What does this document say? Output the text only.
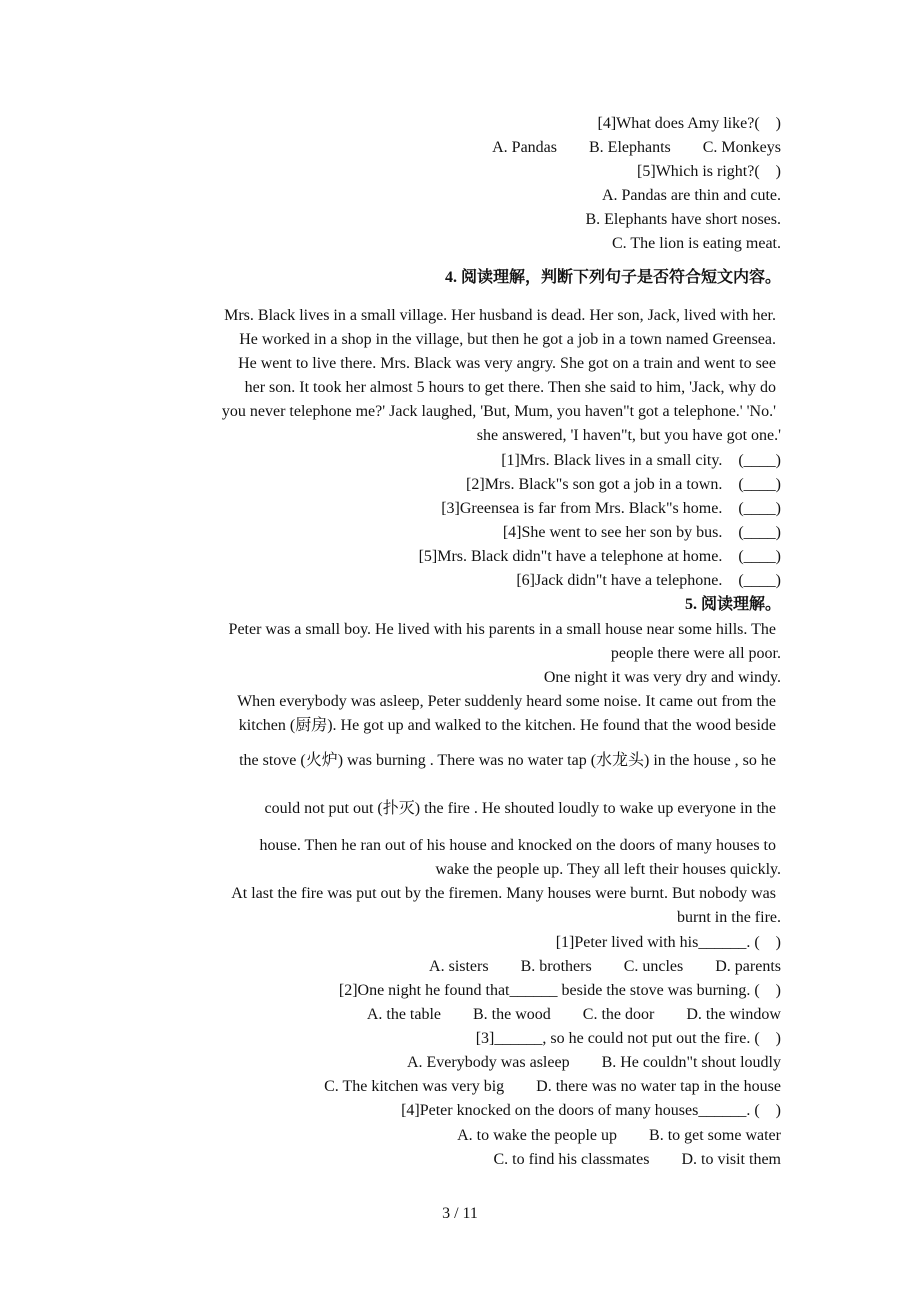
[4]What does Amy like?(　)
A. Pandas　　B. Elephants　　C. Monkeys
[5]Which is right?(　)
A. Pandas are thin and cute.
B. Elephants have short noses.
C. The lion is eating meat.
4. 阅读理解，判断下列句子是否符合短文内容。
Mrs. Black lives in a small village. Her husband is dead. Her son, Jack, lived with her.
He worked in a shop in the village, but then he got a job in a town named Greensea.
He went to live there. Mrs. Black was very angry. She got on a train and went to see
her son. It took her almost 5 hours to get there. Then she said to him, 'Jack, why do
you never telephone me?' Jack laughed, 'But, Mum, you haven"t got a telephone.' 'No.'
she answered, 'I haven"t, but you have got one.'
[1]Mrs. Black lives in a small city.　(____)
[2]Mrs. Black"s son got a job in a town.　(____)
[3]Greensea is far from Mrs. Black"s home.　(____)
[4]She went to see her son by bus.　(____)
[5]Mrs. Black didn"t have a telephone at home.　(____)
[6]Jack didn"t have a telephone.　(____)
5. 阅读理解。
Peter was a small boy. He lived with his parents in a small house near some hills. The
people there were all poor.
One night it was very dry and windy.
When everybody was asleep, Peter suddenly heard some noise. It came out from the
kitchen (厨房). He got up and walked to the kitchen. He found that the wood beside
the stove (火炉) was burning . There was no water tap (水龙头) in the house , so he
could not put out (扑灭) the fire . He shouted loudly to wake up everyone in the
house. Then he ran out of his house and knocked on the doors of many houses to
wake the people up. They all left their houses quickly.
At last the fire was put out by the firemen. Many houses were burnt. But nobody was
burnt in the fire.
[1]Peter lived with his______. (　)
A. sisters　　B. brothers　　C. uncles　　D. parents
[2]One night he found that______ beside the stove was burning. (　)
A. the table　　B. the wood　　C. the door　　D. the window
[3]______, so he could not put out the fire. (　)
A. Everybody was asleep　　B. He couldn"t shout loudly
C. The kitchen was very big　　D. there was no water tap in the house
[4]Peter knocked on the doors of many houses______. (　)
A. to wake the people up　　B. to get some water
C. to find his classmates　　D. to visit them
3 / 11
